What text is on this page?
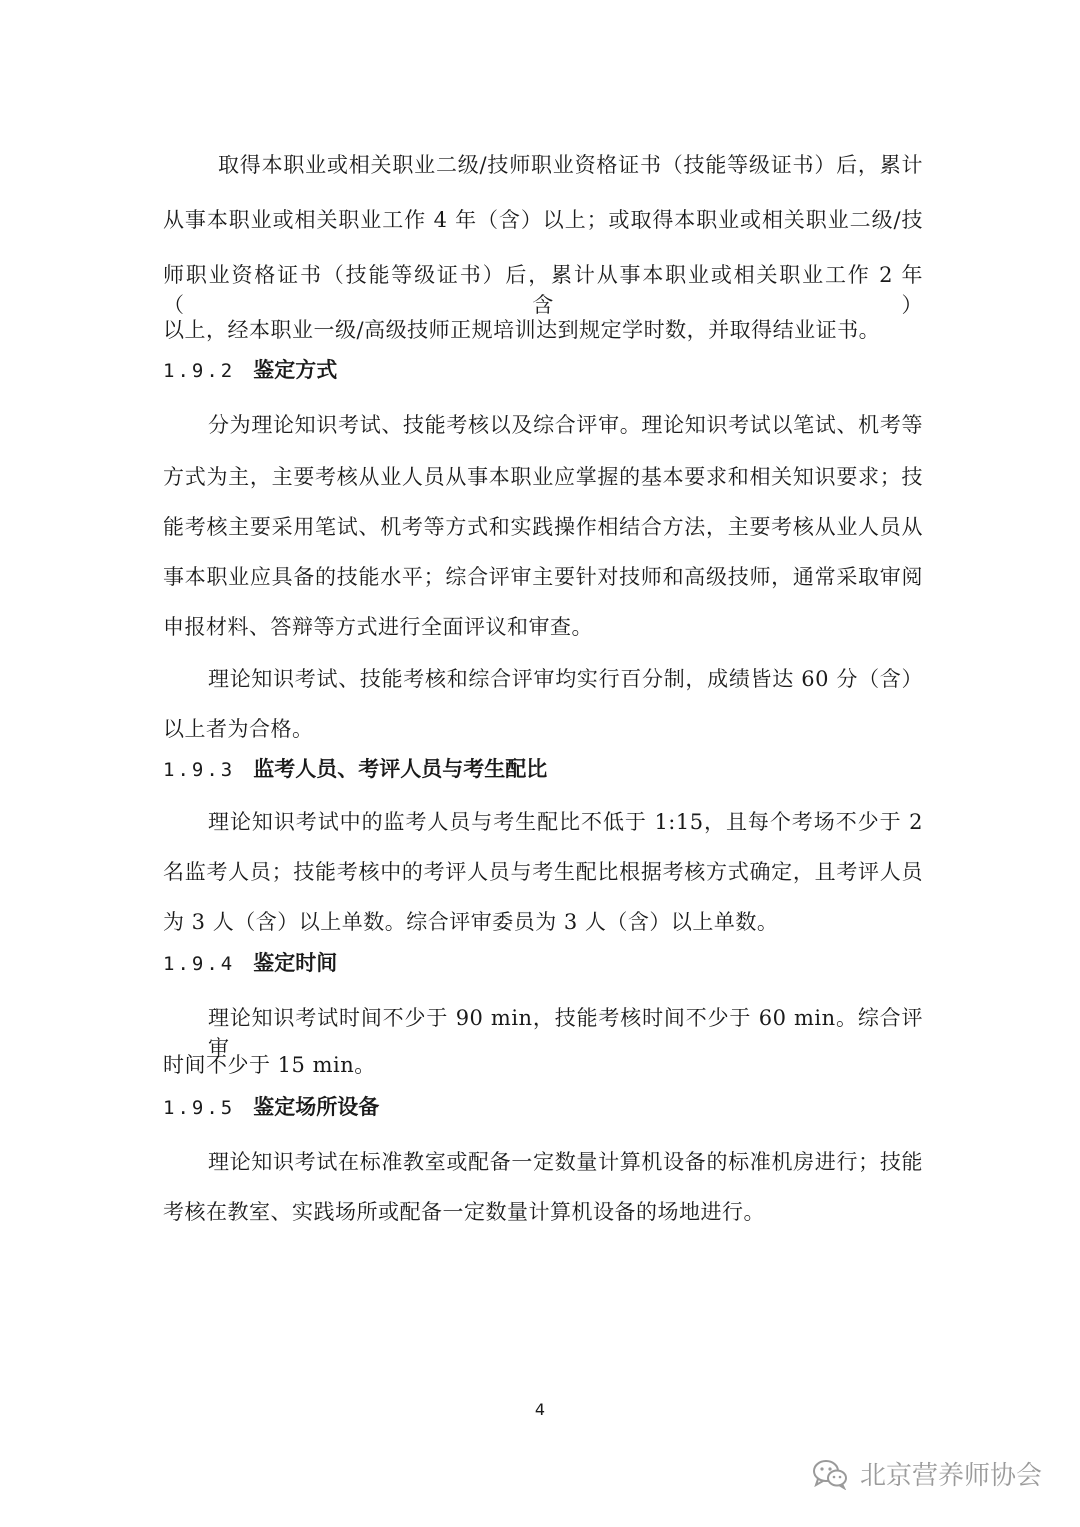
取得本职业或相关职业二级/技师职业资格证书（技能等级证书）后，累计
从事本职业或相关职业工作 4 年（含）以上；或取得本职业或相关职业二级/技
师职业资格证书（技能等级证书）后，累计从事本职业或相关职业工作 2 年（含）
以上，经本职业一级/高级技师正规培训达到规定学时数，并取得结业证书。
1.9.2 鉴定方式
分为理论知识考试、技能考核以及综合评审。理论知识考试以笔试、机考等
方式为主，主要考核从业人员从事本职业应掌握的基本要求和相关知识要求；技
能考核主要采用笔试、机考等方式和实践操作相结合方法，主要考核从业人员从
事本职业应具备的技能水平；综合评审主要针对技师和高级技师，通常采取审阅
申报材料、答辩等方式进行全面评议和审查。
理论知识考试、技能考核和综合评审均实行百分制，成绩皆达 60 分（含）
以上者为合格。
1.9.3 监考人员、考评人员与考生配比
理论知识考试中的监考人员与考生配比不低于 1:15，且每个考场不少于 2
名监考人员；技能考核中的考评人员与考生配比根据考核方式确定，且考评人员
为 3 人（含）以上单数。综合评审委员为 3 人（含）以上单数。
1.9.4 鉴定时间
理论知识考试时间不少于 90 min，技能考核时间不少于 60 min。综合评审
时间不少于 15 min。
1.9.5 鉴定场所设备
理论知识考试在标准教室或配备一定数量计算机设备的标准机房进行；技能
考核在教室、实践场所或配备一定数量计算机设备的场地进行。
4
北京营养师协会
